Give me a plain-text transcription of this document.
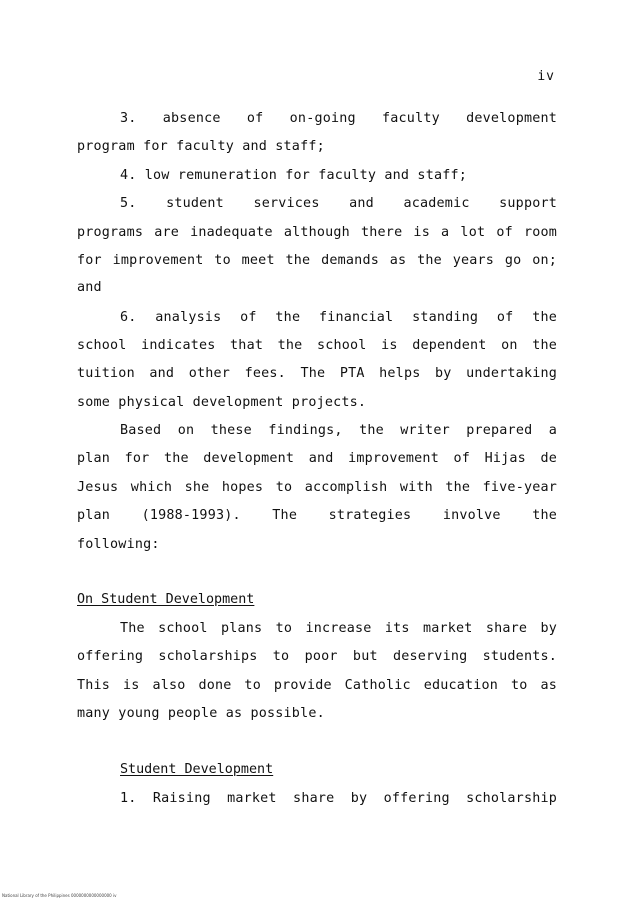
iv
3. absence of on-going faculty development
program for faculty and staff;
4. low remuneration for faculty and staff;
5. student services and academic support
programs are inadequate although there is a lot of room
for improvement to meet the demands as the years go on;
and
6. analysis of the financial standing of the
school indicates that the school is dependent on the
tuition and other fees. The PTA helps by undertaking
some physical development projects.
Based on these findings, the writer prepared a
plan for the development and improvement of Hijas de
Jesus which she hopes to accomplish with the five-year
plan (1988-1993). The strategies involve the
following:
On Student Development
The school plans to increase its market share by
offering scholarships to poor but deserving students.
This is also done to provide Catholic education to as
many young people as possible.
Student Development
1. Raising market share by offering scholarship
National Library of the Philippines 0000000000000000 iv
